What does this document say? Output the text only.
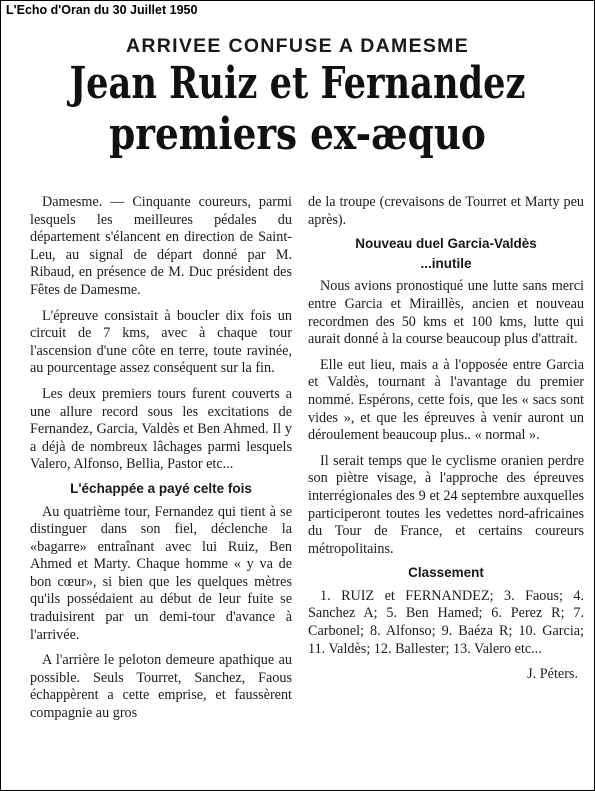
L'Echo d'Oran du 30 Juillet 1950
ARRIVEE CONFUSE A DAMESME
Jean Ruiz et Fernandez
premiers ex-æquo

Damesme. — Cinquante coureurs, parmi lesquels les meilleures pédales du département s'élancent en direction de Saint-Leu, au signal de départ donné par M. Ribaud, en présence de M. Duc président des Fêtes de Damesme.

L'épreuve consistait à boucler dix fois un circuit de 7 kms, avec à chaque tour l'ascension d'une côte en terre, toute ravinée, au pourcentage assez conséquent sur la fin.

Les deux premiers tours furent couverts a une allure record sous les excitations de Fernandez, Garcia, Valdès et Ben Ahmed. Il y a déjà de nombreux lâchages parmi lesquels Valero, Alfonso, Bellia, Pastor etc...

L'échappée a payé celte fois

Au quatrième tour, Fernandez qui tient à se distinguer dans son fiel, déclenche la «bagarre» entraînant avec lui Ruiz, Ben Ahmed et Marty. Chaque homme « y va de bon cœur», si bien que les quelques mètres qu'ils possédaient au début de leur fuite se traduisirent par un demi-tour d'avance à l'arrivée.

A l'arrière le peloton demeure apathique au possible. Seuls Tourret, Sanchez, Faous échappèrent a cette emprise, et faussèrent compagnie au gros

de la troupe (crevaisons de Tourret et Marty peu après).

Nouveau duel Garcia-Valdès
...inutile

Nous avions pronostiqué une lutte sans merci entre Garcia et Miraillès, ancien et nouveau recordmen des 50 kms et 100 kms, lutte qui aurait donné à la course beaucoup plus d'attrait.

Elle eut lieu, mais a à l'opposée entre Garcia et Valdès, tournant à l'avantage du premier nommé. Espérons, cette fois, que les « sacs sont vides », et que les épreuves à venir auront un déroulement beaucoup plus.. « normal ».

Il serait temps que le cyclisme oranien perdre son piètre visage, à l'approche des épreuves interrégionales des 9 et 24 septembre auxquelles participeront toutes les vedettes nord-africaines du Tour de France, et certains coureurs métropolitains.

Classement

1. RUIZ et FERNANDEZ; 3. Faous; 4. Sanchez A; 5. Ben Hamed; 6. Perez R; 7. Carbonel; 8. Alfonso; 9. Baéza R; 10. Garcia; 11. Valdès; 12. Ballester; 13. Valero etc...

J. Péters.
